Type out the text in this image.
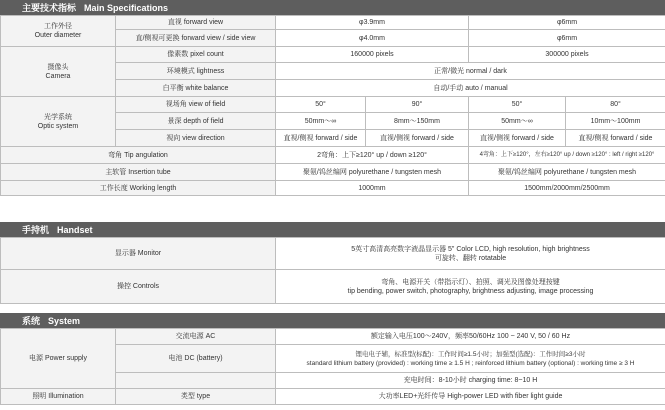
主要技术指标 Main Specifications
工作外径
Outer diameter	直视 forward view	φ3.9mm		φ6mm	
	直/侧视可更换 forward view / side view	φ4.0mm		φ6mm	

摄像头
Camera	像素数 pixel count	160000 pixels		300000 pixels	
	环境模式 lightness	正常/微光 normal / dark			
	白平衡 white balance	自动/手动 auto / manual			

光学系统
Optic system	视场角 view of field	50°	90°	50°	80°
	景深 depth of field	50mm～∞	8mm～150mm	50mm～∞	10mm～100mm
	视向 view direction	直视/侧视 forward / side	直视/侧视 forward / side	直视/侧视 forward / side	直视/侧视 forward / side
弯角 Tip angulation		2弯角：上下≥120° up / down ≥120°		4弯角：上下≥120°，左右≥120° up / down ≥120° : left / right ≥120°	
主软管 Insertion tube		聚氨/钨丝编网 polyurethane / tungsten mesh		聚氨/钨丝编网 polyurethane / tungsten mesh	
工作长度 Working length		1000mm		1500mm/2000mm/2500mm	
手持机 Handset
显示器 Monitor	5英寸高清高亮数字液晶显示器 5" Color LCD, high resolution, high brightness
可旋转、翻转 rotatable

操控 Controls	弯角、电源开关（带指示灯）、拍照、调光及图像处理按键
tip bending, power switch, photography, brightness adjusting, image processing
系统 System
电源 Power supply	交流电源 AC	额定输入电压100～240V，频率50/60Hz 100 ~ 240 V, 50 / 60 Hz
	电池 DC (battery)	锂电电子辅，标准型(标配)：工作时间≥1.5小时；加强型(选配)：工作时间≥3小时
standard lithium battery (provided) : working time ≥ 1.5 H ; reinforced lithium battery (optional) : working time ≥ 3 H

		充电时间：8-10小时 charging time: 8~10 H
照明 Illumination	类型 type	大功率LED+光纤传导 High-power LED with fiber light guide
